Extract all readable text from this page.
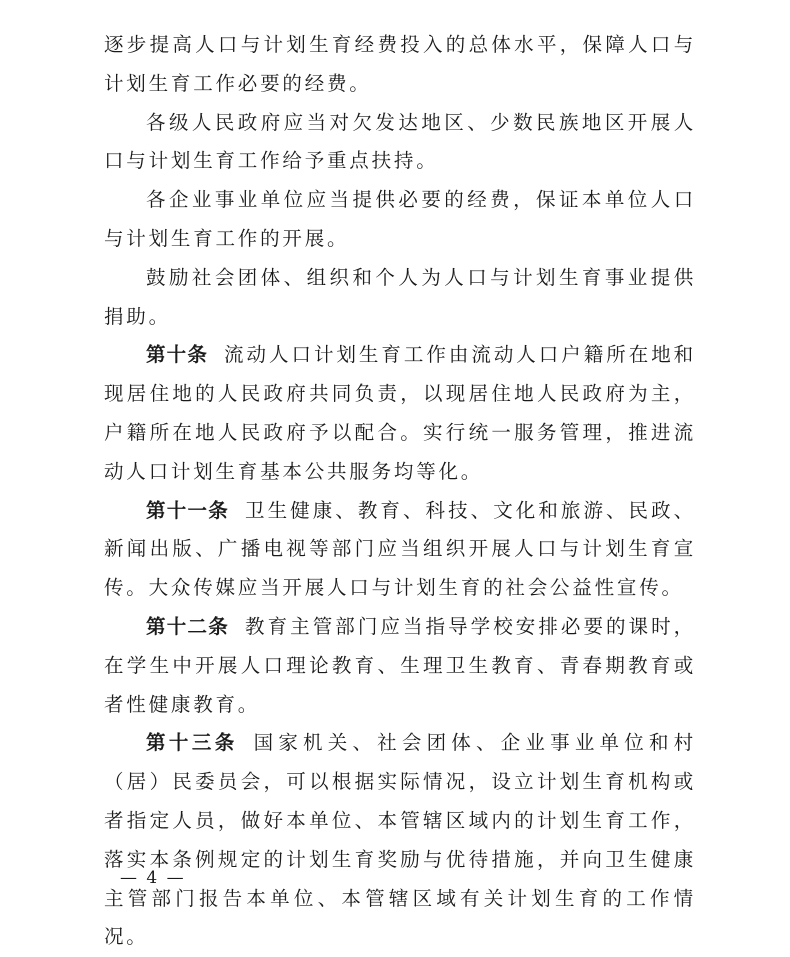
逐步提高人口与计划生育经费投入的总体水平，保障人口与计划生育工作必要的经费。

各级人民政府应当对欠发达地区、少数民族地区开展人口与计划生育工作给予重点扶持。

各企业事业单位应当提供必要的经费，保证本单位人口与计划生育工作的开展。

鼓励社会团体、组织和个人为人口与计划生育事业提供捐助。

第十条 流动人口计划生育工作由流动人口户籍所在地和现居住地的人民政府共同负责，以现居住地人民政府为主，户籍所在地人民政府予以配合。实行统一服务管理，推进流动人口计划生育基本公共服务均等化。

第十一条 卫生健康、教育、科技、文化和旅游、民政、新闻出版、广播电视等部门应当组织开展人口与计划生育宣传。大众传媒应当开展人口与计划生育的社会公益性宣传。

第十二条 教育主管部门应当指导学校安排必要的课时，在学生中开展人口理论教育、生理卫生教育、青春期教育或者性健康教育。

第十三条 国家机关、社会团体、企业事业单位和村（居）民委员会，可以根据实际情况，设立计划生育机构或者指定人员，做好本单位、本管辖区域内的计划生育工作，落实本条例规定的计划生育奖励与优待措施，并向卫生健康主管部门报告本单位、本管辖区域有关计划生育的工作情况。

— 4 —
